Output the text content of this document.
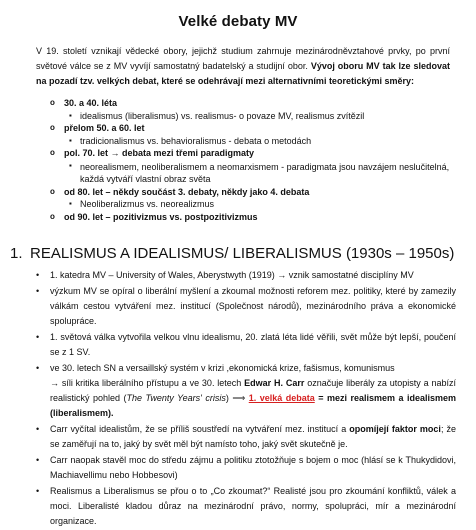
Velké debaty MV
V 19. století vznikají vědecké obory, jejichž studium zahrnuje mezinárodněvztahové prvky, po první světové válce se z MV vyvíjí samostatný badatelský a studijní obor. Vývoj oboru MV tak lze sledovat na pozadí tzv. velkých debat, které se odehrávají mezi alternativními teoretickými směry:
o 30. a 40. léta
▪ idealismus (liberalismus) vs. realismus- o povaze MV, realismus zvítězil
o přelom 50. a 60. let
▪ tradicionalismus vs. behavioralismus - debata o metodách
o pol. 70. let → debata mezi třemi paradigmaty
▪ neorealismem, neoliberalismem a neomarxismem - paradigmata jsou navzájem neslučitelná, každá vytváří vlastní obraz světa
o od 80. let – někdy součást 3. debaty, někdy jako 4. debata
▪ Neoliberalizmus vs. neorealizmus
o od 90. let – pozitivizmus vs. postpozitivizmus
1. REALISMUS A IDEALISMUS/ LIBERALISMUS (1930s – 1950s)
• 1. katedra MV – University of Wales, Aberystwyth (1919) → vznik samostatné disciplíny MV
• výzkum MV se opíral o liberální myšlení a zkoumal možnosti reforem mez. politiky, které by zamezily válkám cestou vytváření mez. institucí (Společnost národů), mezinárodního práva a ekonomické spolupráce.
• 1. světová válka vytvořila velkou vlnu idealismu, 20. zlatá léta lidé věřili, svět může být lepší, poučení se z 1 SV.
• ve 30. letech SN a versaillský systém v krizi ,ekonomická krize, fašismus, komunismus
→ síli kritika liberálního přístupu a ve 30. letech Edwar H. Carr označuje liberály za utopisty a nabízí realistický pohled (The Twenty Years' crisis) ⟹ 1. velká debata = mezi realismem a idealismem (liberalismem).
• Carr vyčítal idealistům, že se příliš soustředí na vytváření mez. institucí a opomíjejí faktor moci; že se zaměřují na to, jaký by svět měl být namísto toho, jaký svět skutečně je.
• Carr naopak stavěl moc do středu zájmu a politiku ztotožňuje s bojem o moc (hlásí se k Thukydidovi, Machiavellimu nebo Hobbesovi)
• Realismus a Liberalismus se přou o to „Co zkoumat?“ Realisté jsou pro zkoumání konfliktů, válek a moci. Liberalisté kladou důraz na mezinárodní právo, normy, spolupráci, mír a mezinárodní organizace.
